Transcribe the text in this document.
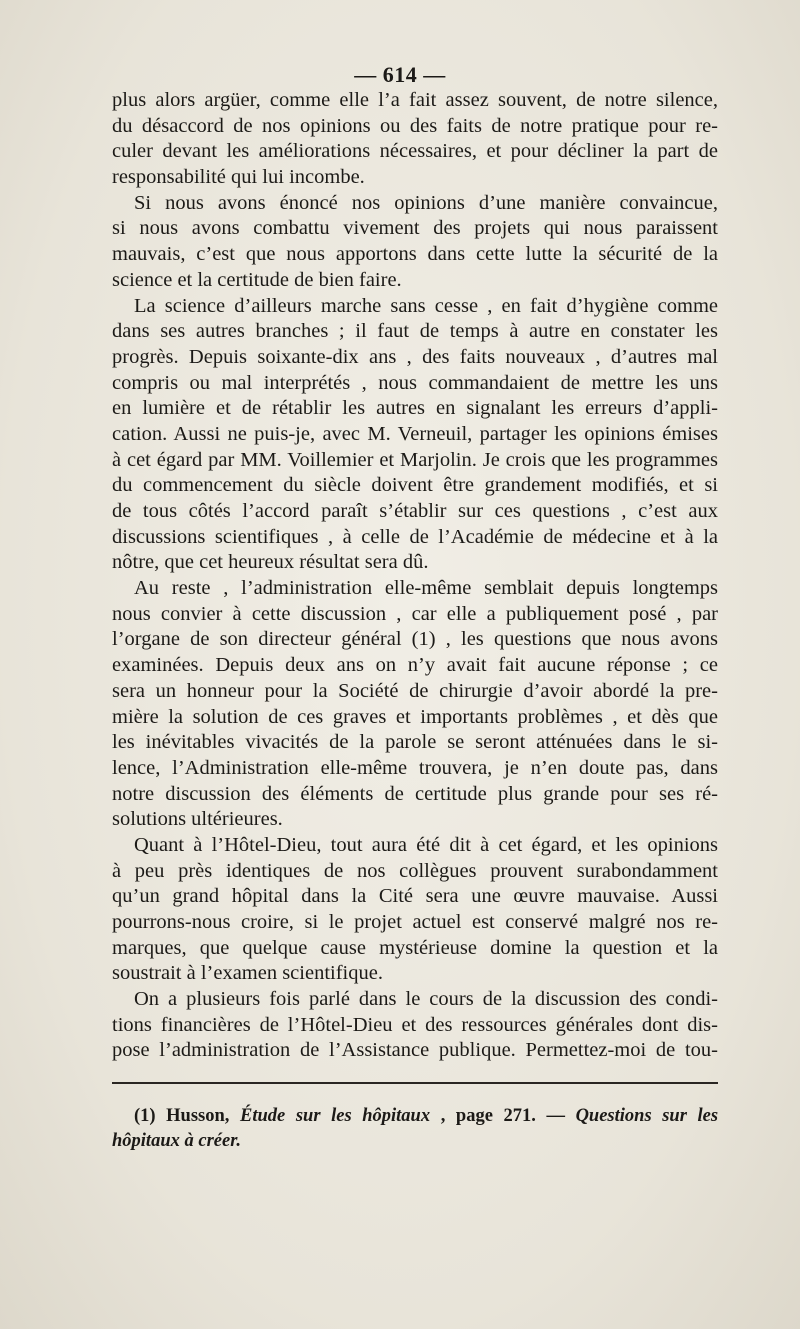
— 614 —
plus alors argüer, comme elle l’a fait assez souvent, de notre silence,
du désaccord de nos opinions ou des faits de notre pratique pour re-
culer devant les améliorations nécessaires, et pour décliner la part de
responsabilité qui lui incombe.
Si nous avons énoncé nos opinions d’une manière convaincue,
si nous avons combattu vivement des projets qui nous paraissent
mauvais, c’est que nous apportons dans cette lutte la sécurité de la
science et la certitude de bien faire.
La science d’ailleurs marche sans cesse , en fait d’hygiène comme
dans ses autres branches ; il faut de temps à autre en constater les
progrès. Depuis soixante-dix ans , des faits nouveaux , d’autres mal
compris ou mal interprétés , nous commandaient de mettre les uns
en lumière et de rétablir les autres en signalant les erreurs d’appli-
cation. Aussi ne puis-je, avec M. Verneuil, partager les opinions émises
à cet égard par MM. Voillemier et Marjolin. Je crois que les programmes
du commencement du siècle doivent être grandement modifiés, et si
de tous côtés l’accord paraît s’établir sur ces questions , c’est aux
discussions scientifiques , à celle de l’Académie de médecine et à la
nôtre, que cet heureux résultat sera dû.
Au reste , l’administration elle-même semblait depuis longtemps
nous convier à cette discussion , car elle a publiquement posé , par
l’organe de son directeur général (1) , les questions que nous avons
examinées. Depuis deux ans on n’y avait fait aucune réponse ; ce
sera un honneur pour la Société de chirurgie d’avoir abordé la pre-
mière la solution de ces graves et importants problèmes , et dès que
les inévitables vivacités de la parole se seront atténuées dans le si-
lence, l’Administration elle-même trouvera, je n’en doute pas, dans
notre discussion des éléments de certitude plus grande pour ses ré-
solutions ultérieures.
Quant à l’Hôtel-Dieu, tout aura été dit à cet égard, et les opinions
à peu près identiques de nos collègues prouvent surabondamment
qu’un grand hôpital dans la Cité sera une œuvre mauvaise. Aussi
pourrons-nous croire, si le projet actuel est conservé malgré nos re-
marques, que quelque cause mystérieuse domine la question et la
soustrait à l’examen scientifique.
On a plusieurs fois parlé dans le cours de la discussion des condi-
tions financières de l’Hôtel-Dieu et des ressources générales dont dis-
pose l’administration de l’Assistance publique. Permettez-moi de tou-
(1) Husson, Étude sur les hôpitaux , page 271. — Questions sur les
hôpitaux à créer.
